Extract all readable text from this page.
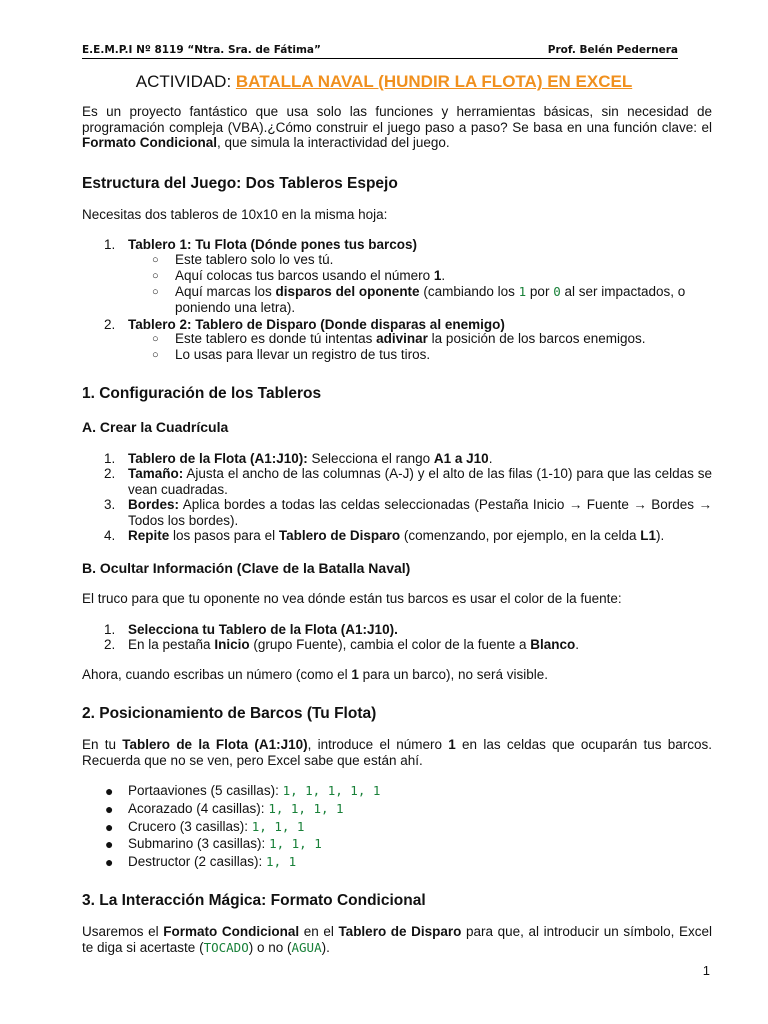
E.E.M.P.I Nº 8119 “Ntra. Sra. de Fátima”	Prof. Belén Pedernera
ACTIVIDAD: BATALLA NAVAL (HUNDIR LA FLOTA) EN EXCEL
Es un proyecto fantástico que usa solo las funciones y herramientas básicas, sin necesidad de programación compleja (VBA).¿Cómo construir el juego paso a paso? Se basa en una función clave: el Formato Condicional, que simula la interactividad del juego.
Estructura del Juego: Dos Tableros Espejo
Necesitas dos tableros de 10x10 en la misma hoja:
1. Tablero 1: Tu Flota (Dónde pones tus barcos)
○ Este tablero solo lo ves tú.
○ Aquí colocas tus barcos usando el número 1.
○ Aquí marcas los disparos del oponente (cambiando los 1 por 0 al ser impactados, o poniendo una letra).
2. Tablero 2: Tablero de Disparo (Donde disparas al enemigo)
○ Este tablero es donde tú intentas adivinar la posición de los barcos enemigos.
○ Lo usas para llevar un registro de tus tiros.
1. Configuración de los Tableros
A. Crear la Cuadrícula
1. Tablero de la Flota (A1:J10): Selecciona el rango A1 a J10.
2. Tamaño: Ajusta el ancho de las columnas (A-J) y el alto de las filas (1-10) para que las celdas se vean cuadradas.
3. Bordes: Aplica bordes a todas las celdas seleccionadas (Pestaña Inicio → Fuente → Bordes → Todos los bordes).
4. Repite los pasos para el Tablero de Disparo (comenzando, por ejemplo, en la celda L1).
B. Ocultar Información (Clave de la Batalla Naval)
El truco para que tu oponente no vea dónde están tus barcos es usar el color de la fuente:
1. Selecciona tu Tablero de la Flota (A1:J10).
2. En la pestaña Inicio (grupo Fuente), cambia el color de la fuente a Blanco.
Ahora, cuando escribas un número (como el 1 para un barco), no será visible.
2. Posicionamiento de Barcos (Tu Flota)
En tu Tablero de la Flota (A1:J10), introduce el número 1 en las celdas que ocuparán tus barcos. Recuerda que no se ven, pero Excel sabe que están ahí.
● Portaaviones (5 casillas): 1, 1, 1, 1, 1
● Acorazado (4 casillas): 1, 1, 1, 1
● Crucero (3 casillas): 1, 1, 1
● Submarino (3 casillas): 1, 1, 1
● Destructor (2 casillas): 1, 1
3. La Interacción Mágica: Formato Condicional
Usaremos el Formato Condicional en el Tablero de Disparo para que, al introducir un símbolo, Excel te diga si acertaste (TOCADO) o no (AGUA).
1
